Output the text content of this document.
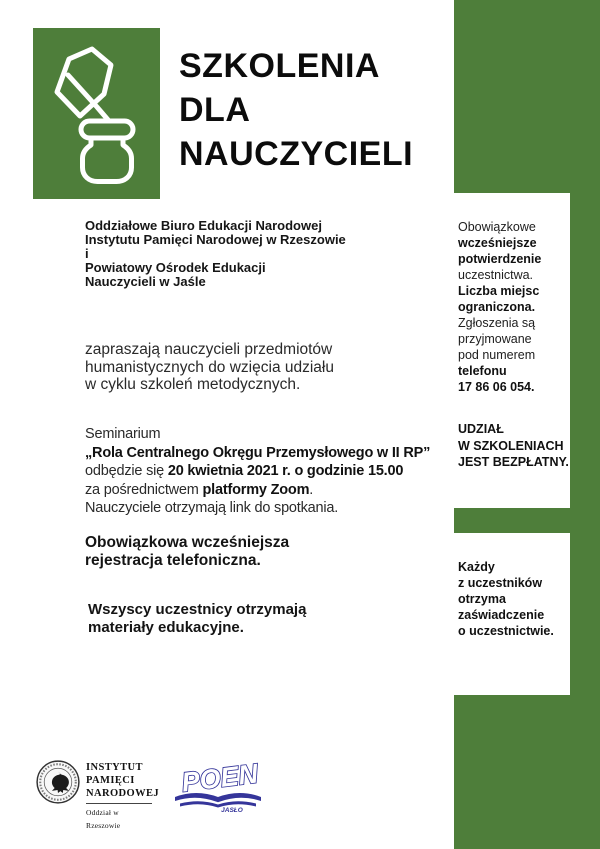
SZKOLENIA
DLA
NAUCZYCIELI
Oddziałowe Biuro Edukacji Narodowej
Instytutu Pamięci Narodowej w Rzeszowie
i
Powiatowy Ośrodek Edukacji
Nauczycieli w Jaśle
zapraszają nauczycieli przedmiotów
humanistycznych do wzięcia udziału
w cyklu szkoleń metodycznych.
Seminarium
„Rola Centralnego Okręgu Przemysłowego w II RP”
odbędzie się 20 kwietnia 2021 r. o godzinie 15.00
za pośrednictwem platformy Zoom.
Nauczyciele otrzymają link do spotkania.
Obowiązkowa wcześniejsza
rejestracja telefoniczna.
Wszyscy uczestnicy otrzymają
materiały edukacyjne.
Obowiązkowe
wcześniejsze
potwierdzenie
uczestnictwa.
Liczba miejsc
ograniczona.
Zgłoszenia są
przyjmowane
pod numerem
telefonu
17 86 06 054.
UDZIAŁ
W SZKOLENIACH
JEST BEZPŁATNY.
Każdy
z uczestników
otrzyma
zaświadczenie
o uczestnictwie.
INSTYTUT
PAMIĘCI
NARODOWEJ
Oddział w Rzeszowie
POEN
JASŁO
